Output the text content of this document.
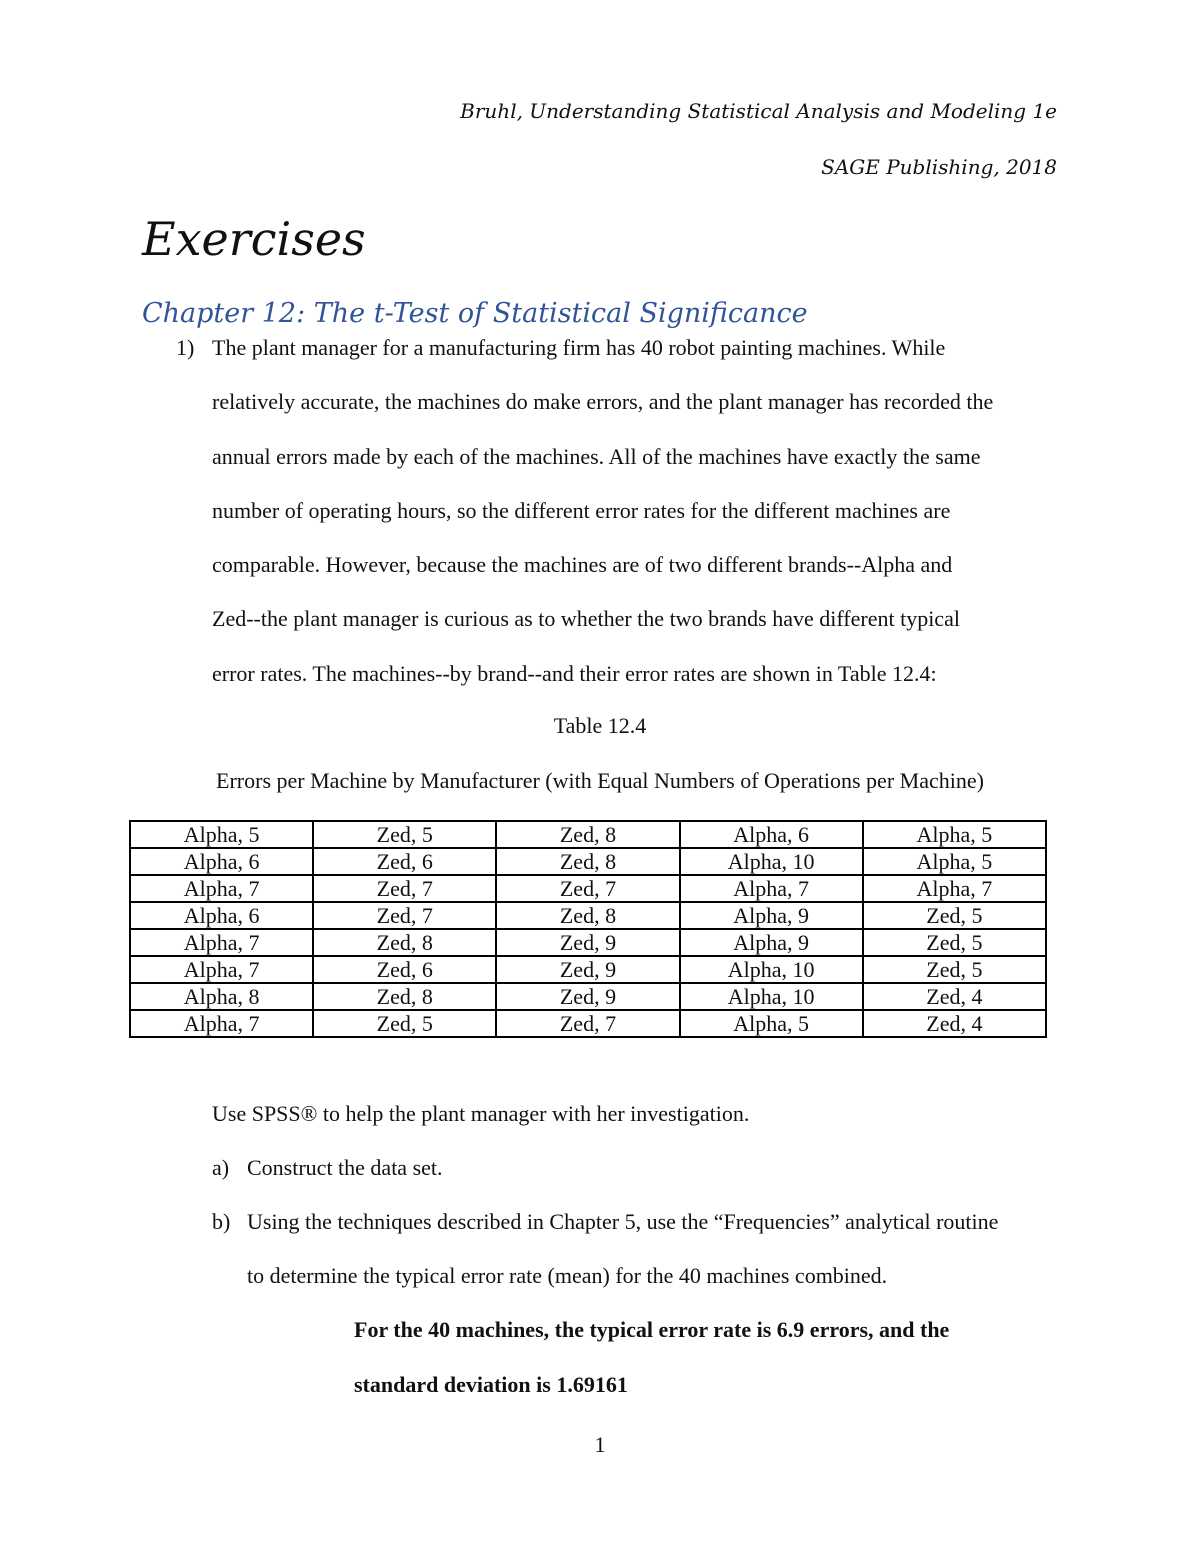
Bruhl, Understanding Statistical Analysis and Modeling 1e
SAGE Publishing, 2018
Exercises
Chapter 12: The t-Test of Statistical Significance
1) The plant manager for a manufacturing firm has 40 robot painting machines. While
relatively accurate, the machines do make errors, and the plant manager has recorded the
annual errors made by each of the machines. All of the machines have exactly the same
number of operating hours, so the different error rates for the different machines are
comparable. However, because the machines are of two different brands--Alpha and
Zed--the plant manager is curious as to whether the two brands have different typical
error rates. The machines--by brand--and their error rates are shown in Table 12.4:
Table 12.4
Errors per Machine by Manufacturer (with Equal Numbers of Operations per Machine)
Alpha, 5	Zed, 5	Zed, 8	Alpha, 6	Alpha, 5
Alpha, 6	Zed, 6	Zed, 8	Alpha, 10	Alpha, 5
Alpha, 7	Zed, 7	Zed, 7	Alpha, 7	Alpha, 7
Alpha, 6	Zed, 7	Zed, 8	Alpha, 9	Zed, 5
Alpha, 7	Zed, 8	Zed, 9	Alpha, 9	Zed, 5
Alpha, 7	Zed, 6	Zed, 9	Alpha, 10	Zed, 5
Alpha, 8	Zed, 8	Zed, 9	Alpha, 10	Zed, 4
Alpha, 7	Zed, 5	Zed, 7	Alpha, 5	Zed, 4
Use SPSS® to help the plant manager with her investigation.
a) Construct the data set.
b) Using the techniques described in Chapter 5, use the “Frequencies” analytical routine
to determine the typical error rate (mean) for the 40 machines combined.
For the 40 machines, the typical error rate is 6.9 errors, and the
standard deviation is 1.69161
1
